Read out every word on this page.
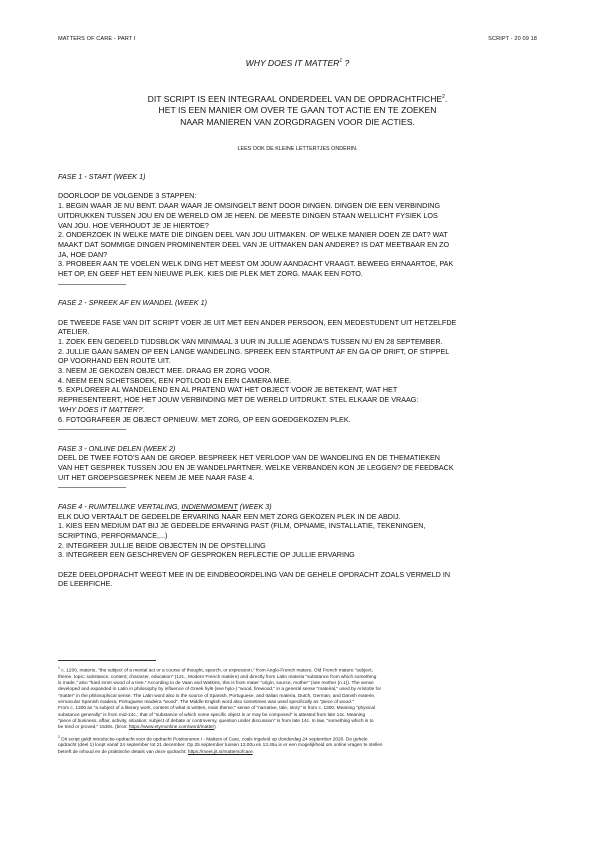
MATTERS OF CARE - PART I	SCRIPT - 20 09 18
WHY DOES IT MATTER$^1$ ?
DIT SCRIPT IS EEN INTEGRAAL ONDERDEEL VAN DE OPDRACHTFICHE$^2$.
HET IS EEN MANIER OM OVER TE GAAN TOT ACTIE EN TE ZOEKEN
NAAR MANIEREN VAN ZORGDRAGEN VOOR DIE ACTIES.
LEES OOK DE KLEINE LETTERTJES ONDERIN.
FASE 1 - START (WEEK 1)
DOORLOOP DE VOLGENDE 3 STAPPEN:
1. BEGIN WAAR JE NU BENT. DAAR WAAR JE OMSINGELT BENT DOOR DINGEN. DINGEN DIE EEN VERBINDING
UITDRUKKEN TUSSEN JOU EN DE WERELD OM JE HEEN. DE MEESTE DINGEN STAAN WELLICHT FYSIEK LOS
VAN JOU. HOE VERHOUDT JE JE HIERTOE?
2. ONDERZOEK IN WELKE MATE DIE DINGEN DEEL VAN JOU UITMAKEN. OP WELKE MANIER DOEN ZE DAT? WAT
MAAKT DAT SOMMIGE DINGEN PROMINENTER DEEL VAN JE UITMAKEN DAN ANDERE? IS DAT MEETBAAR EN ZO
JA, HOE DAN?
3. PROBEER AAN TE VOELEN WELK DING HET MEEST OM JOUW AANDACHT VRAAGT. BEWEEG ERNAARTOE, PAK
HET OP, EN GEEF HET EEN NIEUWE PLEK. KIES DIE PLEK MET ZORG. MAAK EEN FOTO.
——————————
FASE 2 - SPREEK AF EN WANDEL (WEEK 1)
DE TWEEDE FASE VAN DIT SCRIPT VOER JE UIT MET EEN ANDER PERSOON, EEN MEDESTUDENT UIT HETZELFDE
ATELIER.
1. ZOEK EEN GEDEELD TIJDSBLOK VAN MINIMAAL 3 UUR IN JULLIE AGENDA'S TUSSEN NU EN 28 SEPTEMBER.
2. JULLIE GAAN SAMEN OP EEN LANGE WANDELING. SPREEK EEN STARTPUNT AF EN GA OP DRIFT, OF STIPPEL
OP VOORHAND EEN ROUTE UIT.
3. NEEM JE GEKOZEN OBJECT MEE. DRAAG ER ZORG VOOR.
4. NEEM EEN SCHETSBOEK, EEN POTLOOD EN EEN CAMERA MEE.
5. EXPLOREER AL WANDELEND EN AL PRATEND WAT HET OBJECT VOOR JE BETEKENT, WAT HET
REPRESENTEERT, HOE HET JOUW VERBINDING MET DE WERELD UITDRUKT. STEL ELKAAR DE VRAAG:
'WHY DOES IT MATTER?'.
6. FOTOGRAFEER JE OBJECT OPNIEUW. MET ZORG, OP EEN GOEDGEKOZEN PLEK.
——————————
FASE 3 - ONLINE DELEN (WEEK 2)
DEEL DE TWEE FOTO'S AAN DE GROEP. BESPREEK HET VERLOOP VAN DE WANDELING EN DE THEMATIEKEN
VAN HET GESPREK TUSSEN JOU EN JE WANDELPARTNER. WELKE VERBANDEN KON JE LEGGEN? DE FEEDBACK
UIT HET GROEPSGESPREK NEEM JE MEE NAAR FASE 4.
——————————
FASE 4 - RUIMTELIJKE VERTALING, INDIENMOMENT (WEEK 3)
ELK DUO VERTAALT DE GEDEELDE ERVARING NAAR EEN MET ZORG GEKOZEN PLEK IN DE ABDIJ.
1. KIES EEN MEDIUM DAT BIJ JE GEDEELDE ERVARING PAST (FILM, OPNAME, INSTALLATIE, TEKENINGEN,
SCRIPTING, PERFORMANCE,...)
2. INTEGREER JULLIE BEIDE OBJECTEN IN DE OPSTELLING
3. INTEGREER EEN GESCHREVEN OF GESPROKEN REFLECTIE OP JULLIE ERVARING
DEZE DEELOPDRACHT WEEGT MEE IN DE EINDBEOORDELING VAN DE GEHELE OPDRACHT ZOALS VERMELD IN
DE LEERFICHE.
$^1$ c. 1200, materie, "the subject of a mental act or a course of thought, speech, or expression," from Anglo-French matere, Old French matere "subject,
theme, topic; substance, content; character, education" (12c., Modern French matière) and directly from Latin materia "substance from which something
is made," also "hard inner wood of a tree." According to de Vaan and Watkins, this is from mater "origin, source, mother" (see mother (n.1)). The sense
developed and expanded in Latin in philosophy by influence of Greek hylē (see hylo-) "wood, firewood," in a general sense "material," used by Aristotle for
"matter" in the philosophical sense. The Latin word also is the source of Spanish, Portuguese, and Italian materia, Dutch, German, and Danish materie,
vernacular Spanish madera, Portuguese madeira "wood". The Middle English word also sometimes was used specifically as "piece of wood."
From c. 1300 as "a subject of a literary work, content of what is written, main theme;" sense of "narrative, tale, story" is from c. 1300. Meaning "physical
substance generally" is from mid-14c.; that of "substance of which some specific object is or may be composed" is attested from late 14c. Meaning
"piece of business, affair, activity, situation; subject of debate or controversy, question under discussion" is from late 14c. In law, "something which is to
be tried or proved," 1530s. (bron: https://www.etymonline.com/word/matter)
$^2$ Dit script geldt introductie-opdracht voor de opdracht Positioneren I - Matters of Care, zoals ingeleid op donderdag 24 september 2020. De gehele
opdracht (deel 1) loopt vanaf 24 september tot 21 december. Op 25 september tussen 13.00u en 13.45u is er een mogelijkheid om online vragen te stellen
betreft de inhoud en de praktische details van deze opdracht: https://meet.jit.si/mattersofcare.
